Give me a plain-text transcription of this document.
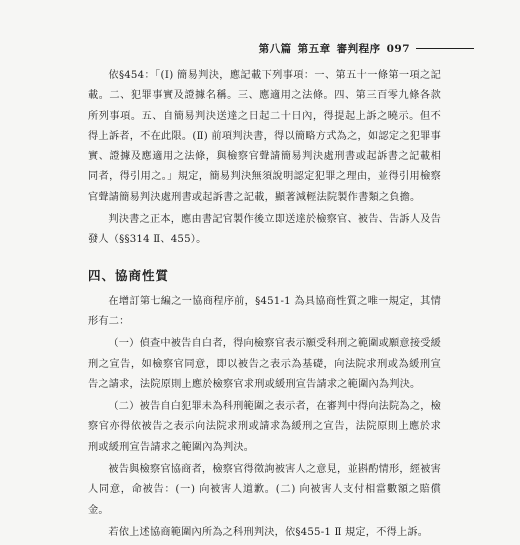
第八篇 第五章 審判程序 097

依§454：「(Ⅰ) 簡易判決，應記載下列事項：一、第五十一條第一項之記載。二、犯罪事實及證據名稱。三、應適用之法條。四、第三百零九條各款所列事項。五、自簡易判決送達之日起二十日內，得提起上訴之曉示。但不得上訴者，不在此限。(Ⅱ) 前項判決書，得以簡略方式為之，如認定之犯罪事實、證據及應適用之法條，與檢察官聲請簡易判決處刑書或起訴書之記載相同者，得引用之。」規定，簡易判決無須說明認定犯罪之理由，並得引用檢察官聲請簡易判決處刑書或起訴書之記載，顯著減輕法院製作書類之負擔。

判決書之正本，應由書記官製作後立即送達於檢察官、被告、告訴人及告發人（§§314 Ⅱ、455）。

四、協商性質

在增訂第七編之一協商程序前，§451-1 為具協商性質之唯一規定，其情形有二：

（一）偵查中被告自白者，得向檢察官表示願受科刑之範圍或願意接受緩刑之宣告，如檢察官同意，即以被告之表示為基礎，向法院求刑或為緩刑宣告之請求，法院原則上應於檢察官求刑或緩刑宣告請求之範圍內為判決。

（二）被告自白犯罪未為科刑範圍之表示者，在審判中得向法院為之，檢察官亦得依被告之表示向法院求刑或請求為緩刑之宣告，法院原則上應於求刑或緩刑宣告請求之範圍內為判決。

被告與檢察官協商者，檢察官得徵詢被害人之意見，並斟酌情形，經被害人同意，命被告：(一) 向被害人道歉。(二) 向被害人支付相當數額之賠償金。

若依上述協商範圍內所為之科刑判決，依§455-1 Ⅱ 規定，不得上訴。
